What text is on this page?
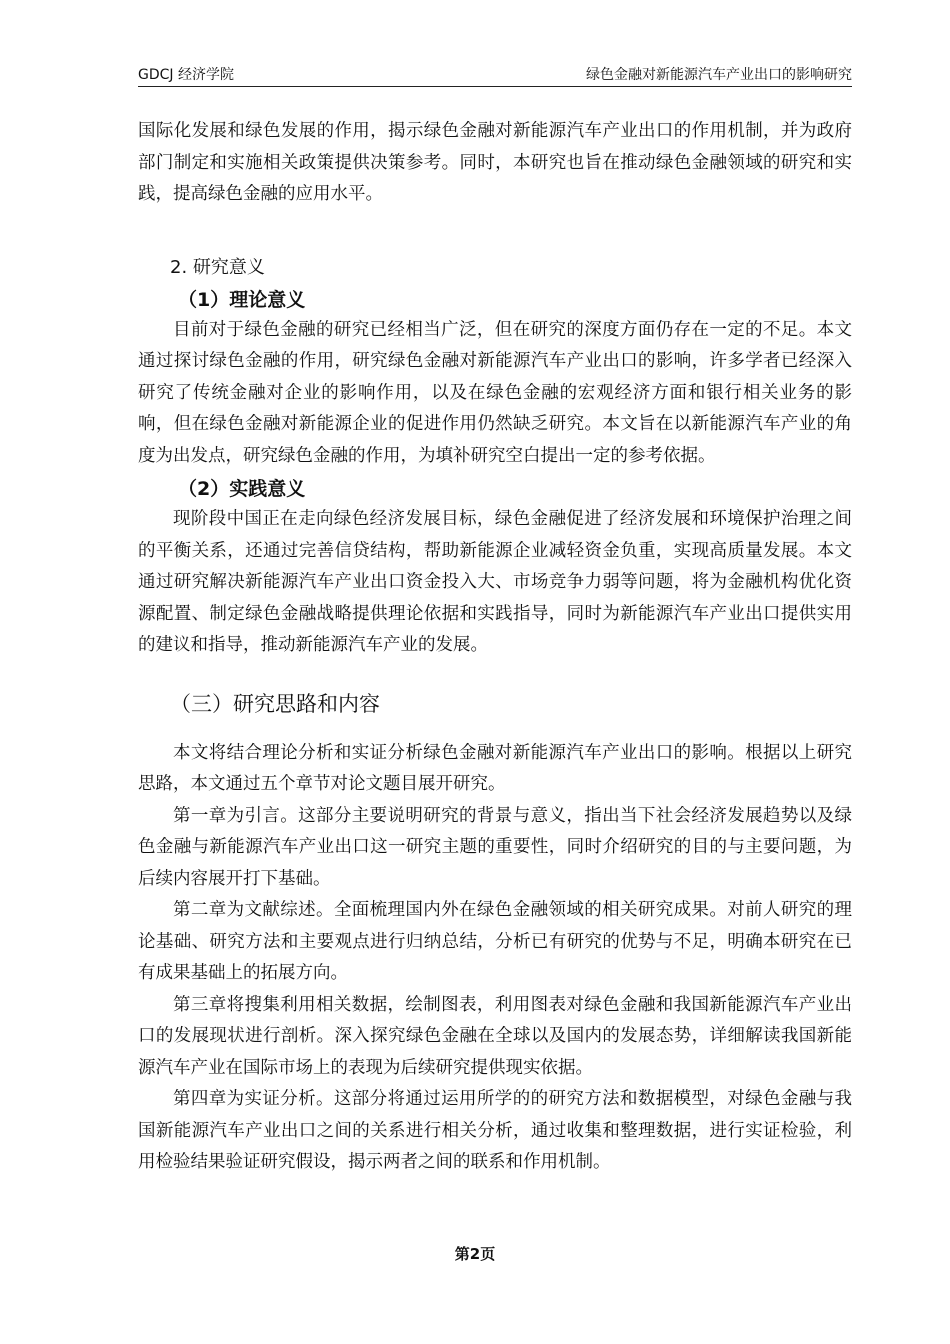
GDCJ 经济学院	绿色金融对新能源汽车产业出口的影响研究

国际化发展和绿色发展的作用，揭示绿色金融对新能源汽车产业出口的作用机制，并为政府部门制定和实施相关政策提供决策参考。同时，本研究也旨在推动绿色金融领域的研究和实践，提高绿色金融的应用水平。

2. 研究意义
（1）理论意义

目前对于绿色金融的研究已经相当广泛，但在研究的深度方面仍存在一定的不足。本文通过探讨绿色金融的作用，研究绿色金融对新能源汽车产业出口的影响，许多学者已经深入研究了传统金融对企业的影响作用，以及在绿色金融的宏观经济方面和银行相关业务的影响，但在绿色金融对新能源企业的促进作用仍然缺乏研究。本文旨在以新能源汽车产业的角度为出发点，研究绿色金融的作用，为填补研究空白提出一定的参考依据。

（2）实践意义

现阶段中国正在走向绿色经济发展目标，绿色金融促进了经济发展和环境保护治理之间的平衡关系，还通过完善信贷结构，帮助新能源企业减轻资金负重，实现高质量发展。本文通过研究解决新能源汽车产业出口资金投入大、市场竞争力弱等问题，将为金融机构优化资源配置、制定绿色金融战略提供理论依据和实践指导，同时为新能源汽车产业出口提供实用的建议和指导，推动新能源汽车产业的发展。

（三）研究思路和内容

本文将结合理论分析和实证分析绿色金融对新能源汽车产业出口的影响。根据以上研究思路，本文通过五个章节对论文题目展开研究。

第一章为引言。这部分主要说明研究的背景与意义，指出当下社会经济发展趋势以及绿色金融与新能源汽车产业出口这一研究主题的重要性，同时介绍研究的目的与主要问题，为后续内容展开打下基础。

第二章为文献综述。全面梳理国内外在绿色金融领域的相关研究成果。对前人研究的理论基础、研究方法和主要观点进行归纳总结，分析已有研究的优势与不足，明确本研究在已有成果基础上的拓展方向。

第三章将搜集利用相关数据，绘制图表，利用图表对绿色金融和我国新能源汽车产业出口的发展现状进行剖析。深入探究绿色金融在全球以及国内的发展态势，详细解读我国新能源汽车产业在国际市场上的表现为后续研究提供现实依据。

第四章为实证分析。这部分将通过运用所学的的研究方法和数据模型，对绿色金融与我国新能源汽车产业出口之间的关系进行相关分析，通过收集和整理数据，进行实证检验，利用检验结果验证研究假设，揭示两者之间的联系和作用机制。

第2页
